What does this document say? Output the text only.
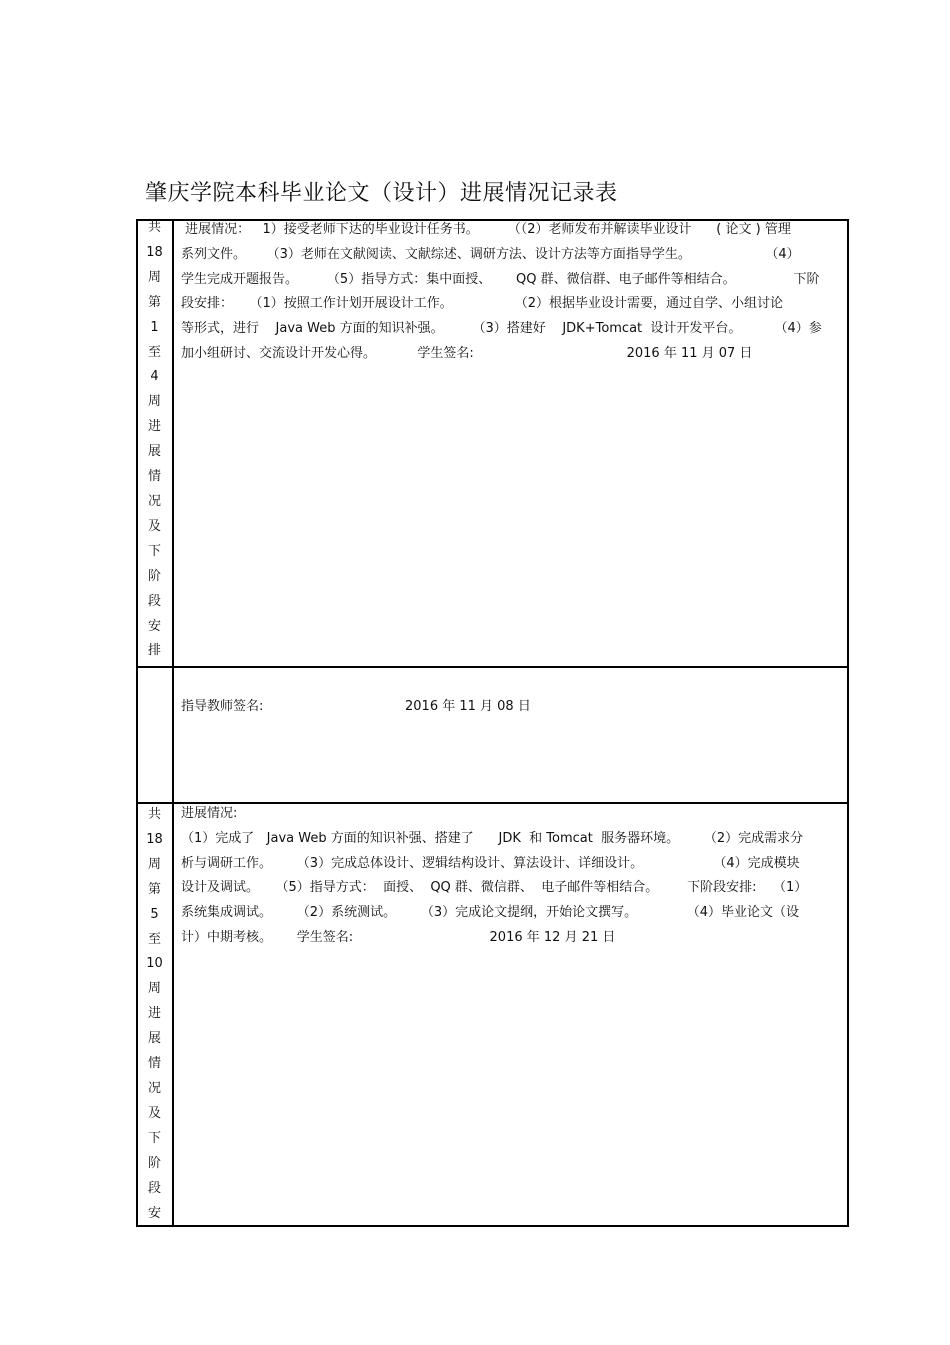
肇庆学院本科毕业论文（设计）进展情况记录表
共
18
周
第
1
至
4
周
进
展
情
况
及
下
阶
段
安
排
进展情况：   1）接受老师下达的毕业设计任务书。       （（2）老师发布并解读毕业设计      ( 论文 ) 管理
系列文件。     （3）老师在文献阅读、文献综述、调研方法、设计方法等方面指导学生。                  （4）
学生完成开题报告。       （5）指导方式：集中面授、      QQ 群、微信群、电子邮件等相结合。              下阶
段安排：    （1）按照工作计划开展设计工作。               （2）根据毕业设计需要，通过自学、小组讨论
等形式，进行    Java Web 方面的知识补强。       （3）搭建好    JDK+Tomcat  设计开发平台。        （4）参
加小组研讨、交流设计开发心得。          学生签名:                                     2016 年 11 月 07 日
指导教师签名:	2016 年 11 月 08 日
共
18
周
第
5
至
10
周
进
展
情
况
及
下
阶
段
安
进展情况:
（1）完成了   Java Web 方面的知识补强、搭建了      JDK  和 Tomcat  服务器环境。      （2）完成需求分
析与调研工作。      （3）完成总体设计、逻辑结构设计、算法设计、详细设计。                 （4）完成模块
设计及调试。    （5）指导方式：  面授、  QQ 群、微信群、  电子邮件等相结合。       下阶段安排:    （1）
系统集成调试。      （2）系统测试。      （3）完成论文提纲，开始论文撰写。            （4）毕业论文（设
计）中期考核。      学生签名:                                 2016 年 12 月 21 日
